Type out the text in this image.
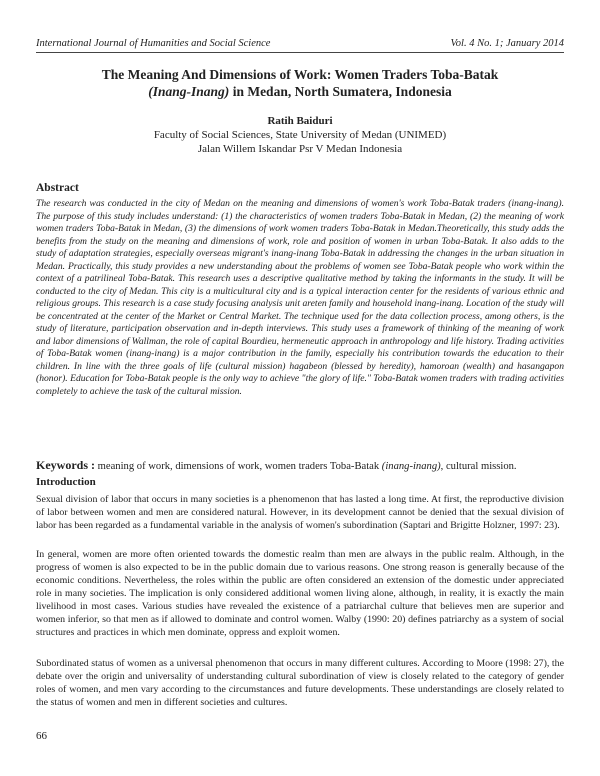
International Journal of Humanities and Social Science	Vol. 4 No. 1; January 2014
The Meaning And Dimensions of Work: Women Traders Toba-Batak
(Inang-Inang) in Medan, North Sumatera, Indonesia
Ratih Baiduri
Faculty of Social Sciences, State University of Medan (UNIMED)
Jalan Willem Iskandar Psr V Medan Indonesia
Abstract

The research was conducted in the city of Medan on the meaning and dimensions of women's work Toba-Batak traders (inang-inang). The purpose of this study includes understand: (1) the characteristics of women traders Toba-Batak in Medan, (2) the meaning of work women traders Toba-Batak in Medan, (3) the dimensions of work women traders Toba-Batak in Medan.Theoretically, this study adds the benefits from the study on the meaning and dimensions of work, role and position of women in urban Toba-Batak. It also adds to the study of adaptation strategies, especially overseas migrant's inang-inang Toba-Batak in addressing the changes in the urban situation in Medan. Practically, this study provides a new understanding about the problems of women see Toba-Batak people who work within the context of a patrilineal Toba-Batak. This research uses a descriptive qualitative method by taking the informants in the study. It will be conducted to the city of Medan. This city is a multicultural city and is a typical interaction center for the residents of various ethnic and religious groups. This research is a case study focusing analysis unit areten family and household inang-inang. Location of the study will be concentrated at the center of the Market or Central Market. The technique used for the data collection process, among others, is the study of literature, participation observation and in-depth interviews. This study uses a framework of thinking of the meaning of work and labor dimensions of Wallman, the role of capital Bourdieu, hermeneutic approach in anthropology and life history. Trading activities of Toba-Batak women (inang-inang) is a major contribution in the family, especially his contribution towards the education to their children. In line with the three goals of life (cultural mission) hagabeon (blessed by heredity), hamoroan (wealth) and hasangapon (honor). Education for Toba-Batak people is the only way to achieve "the glory of life." Toba-Batak women traders with trading activities completely to achieve the task of the cultural mission.

Keywords : meaning of work, dimensions of work, women traders Toba-Batak (inang-inang), cultural mission.
Introduction

Sexual division of labor that occurs in many societies is a phenomenon that has lasted a long time. At first, the reproductive division of labor between women and men are considered natural. However, in its development cannot be denied that the sexual division of labor has been regarded as a fundamental variable in the analysis of women's subordination (Saptari and Brigitte Holzner, 1997: 23).

In general, women are more often oriented towards the domestic realm than men are always in the public realm. Although, in the progress of women is also expected to be in the public domain due to various reasons. One strong reason is generally because of the economic conditions. Nevertheless, the roles within the public are often considered an extension of the domestic under appreciated role in many societies. The implication is only considered additional women living alone, although, in reality, it is exactly the main livelihood in most cases. Various studies have revealed the existence of a patriarchal culture that believes men are superior and women inferior, so that men as if allowed to dominate and control women. Walby (1990: 20) defines patriarchy as a system of social structures and practices in which men dominate, oppress and exploit women.

Subordinated status of women as a universal phenomenon that occurs in many different cultures. According to Moore (1998: 27), the debate over the origin and universality of understanding cultural subordination of view is closely related to the category of gender roles of women, and men vary according to the circumstances and future developments. These understandings are closely related to the status of women and men in different societies and cultures.

66
